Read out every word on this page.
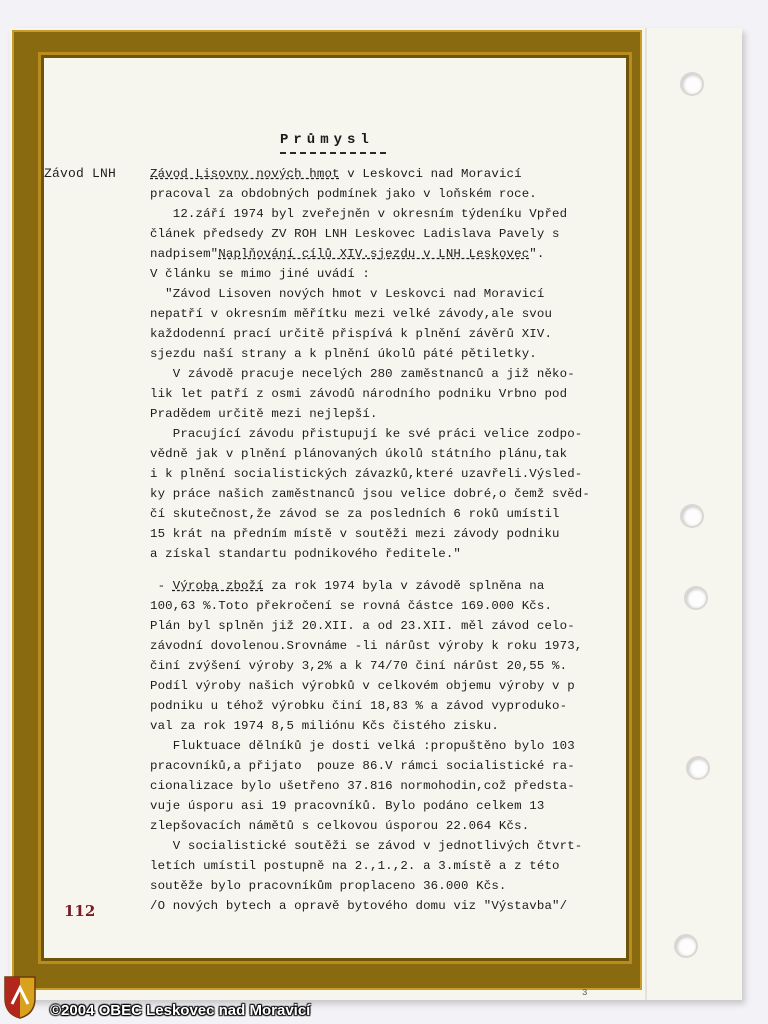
Průmysl
Závod LNH	Závod Lisovny nových hmot v Leskovci nad Moravicí
pracoval za obdobných podmínek jako v loňském roce.
12.září 1974 byl zveřejněn v okresním týdeníku Vpřed
článek předsedy ZV ROH LNH Leskovec Ladislava Pavely s
nadpisem"Naplňování cílů XIV.sjezdu v LNH Leskovec".
V článku se mimo jiné uvádí :
"Závod Lisoven nových hmot v Leskovci nad Moravicí
nepatří v okresním měřítku mezi velké závody,ale svou
každodenní prací určitě přispívá k plnění závěrů XIV.
sjezdu naší strany a k plnění úkolů páté pětiletky.
V závodě pracuje necelých 280 zaměstnanců a již něko-
lik let patří z osmi závodů národního podniku Vrbno pod
Pradědem určitě mezi nejlepší.
Pracující závodu přistupují ke své práci velice zodpo-
vědně jak v plnění plánovaných úkolů státního plánu,tak
i k plnění socialistických závazků,které uzavřeli.Výsled-
ky práce našich zaměstnanců jsou velice dobré,o čemž svěd-
čí skutečnost,že závod se za posledních 6 roků umístil
15 krát na předním místě v soutěži mezi závody podniku
a získal standartu podnikového ředitele."
- Výroba zboží za rok 1974 byla v závodě splněna na
100,63 %.Toto překročení se rovná částce 169.000 Kčs.
Plán byl splněn již 20.XII. a od 23.XII. měl závod celo-
závodní dovolenou.Srovnáme -li nárůst výroby k roku 1973,
činí zvýšení výroby 3,2% a k 74/70 činí nárůst 20,55 %.
Podíl výroby našich výrobků v celkovém objemu výroby v p
podniku u téhož výrobku činí 18,83 % a závod vyproduko-
val za rok 1974 8,5 miliónu Kčs čistého zisku.
Fluktuace dělníků je dosti velká :propuštěno bylo 103
pracovníků,a přijato  pouze 86.V rámci socialistické ra-
cionalizace bylo ušetřeno 37.816 normohodin,což předsta-
vuje úsporu asi 19 pracovníků. Bylo podáno celkem 13
zlepšovacích námětů s celkovou úsporou 22.064 Kčs.
V socialistické soutěži se závod v jednotlivých čtvrt-
letích umístil postupně na 2.,1.,2. a 3.místě a z této
soutěže bylo pracovníkům proplaceno 36.000 Kčs.
/O nových bytech a opravě bytového domu viz "Výstavba"/
112
3
©2004 OBEC Leskovec nad Moravicí
